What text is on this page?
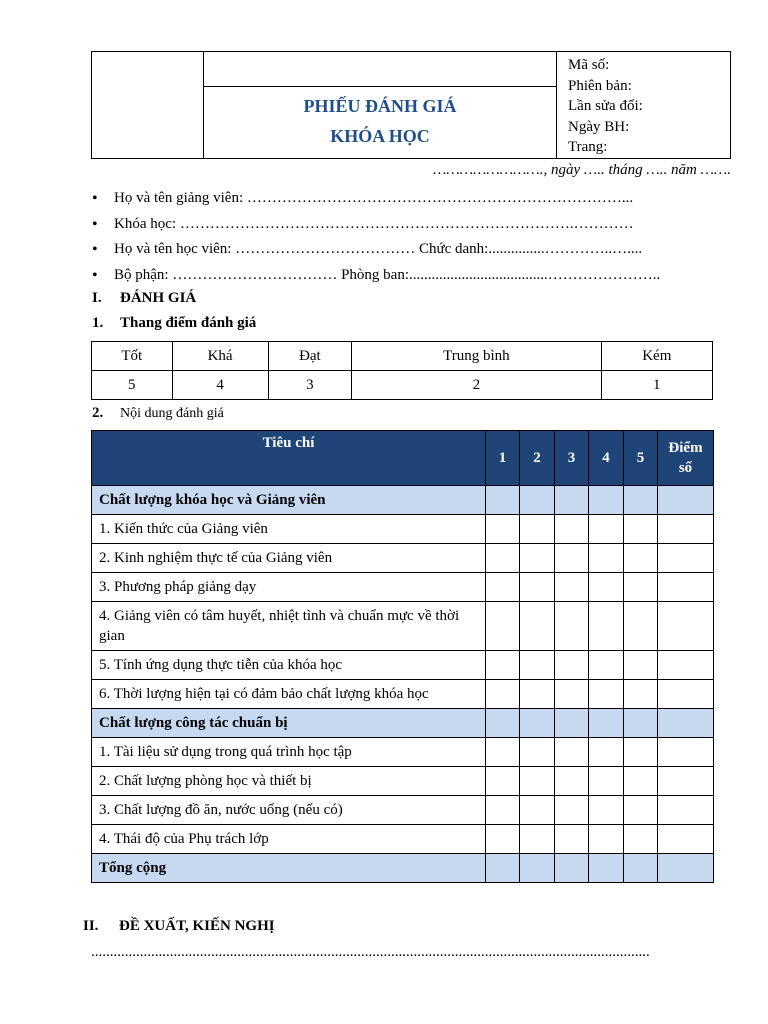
Mã số:
Phiên bản:
Lần sửa đổi:
Ngày BH:
Trang:

PHIẾU ĐÁNH GIÁ
KHÓA HỌC
……………………., ngày ….. tháng ….. năm …….
• Họ và tên giảng viên: …………………………………………………………………...
• Khóa học: …………………………………………………………………….…………
• Họ và tên học viên: ……………………………… Chức danh:...............…………..…....
• Bộ phận: …………………………… Phòng ban:.....................................…………………..
I. ĐÁNH GIÁ
1. Thang điểm đánh giá
Tốt	Khá	Đạt	Trung bình	Kém
5	4	3	2	1
2. Nội dung đánh giá
Tiêu chí	1	2	3	4	5	Điểm
số

Chất lượng khóa học và Giảng viên						
1. Kiến thức của Giảng viên						
2. Kinh nghiệm thực tế của Giảng viên						
3. Phương pháp giảng dạy						
4. Giảng viên có tâm huyết, nhiệt tình và chuẩn mực về thời gian						
5. Tính ứng dụng thực tiễn của khóa học						
6. Thời lượng hiện tại có đảm bảo chất lượng khóa học						
Chất lượng công tác chuẩn bị						
1. Tài liệu sử dụng trong quá trình học tập						
2. Chất lượng phòng học và thiết bị						
3. Chất lượng đồ ăn, nước uống (nếu có)						
4. Thái độ của Phụ trách lớp						
Tổng cộng						
II. ĐỀ XUẤT, KIẾN NGHỊ
.....................................................................................................................................................
